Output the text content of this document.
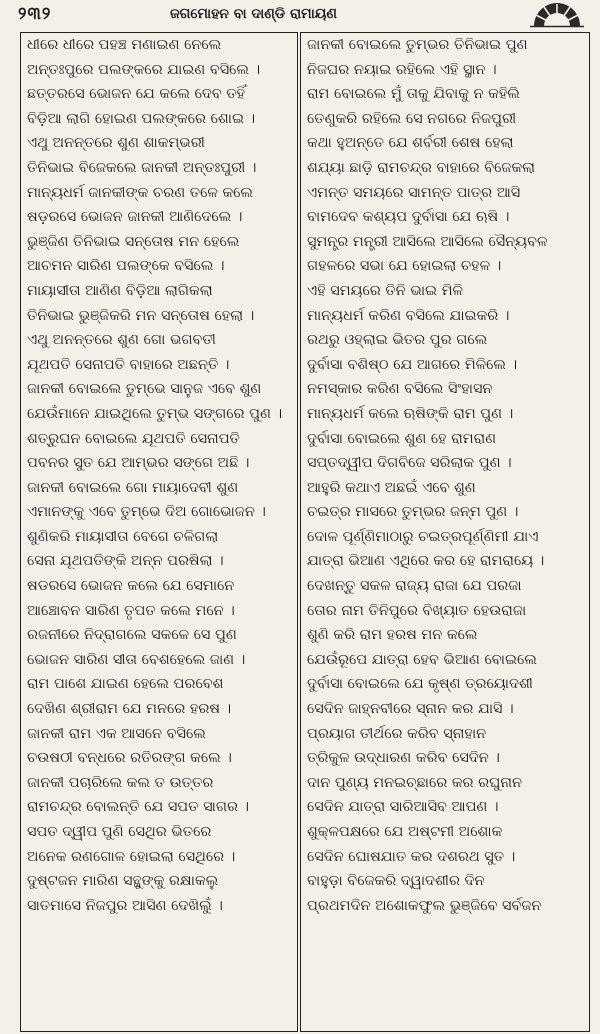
୨୩୨	ଜଗମୋହନ ବା ଦାଣ୍ଡି ରାମାୟଣ
ଧୀରେ ଧୀରେ ପହଞ୍ଚ ମଣାଇଣ ନେଲେ
ଅନ୍ତଃପୁରେ ପଲଙ୍କରେ ଯାଇଣ ବସିଲେ ।
ଛତ୍ତରସେ ଭୋଜନ ଯେ କଲେ ଦେବ ତହିଁ
ବିଡ଼ିଆ ଲାଗି ହୋଇଣ ପଲଙ୍କରେ ଶୋଇ ।
ଏଥୁ ଅନନ୍ତରେ ଶୁଣ ଶାକମ୍ଭରୀ
ତିନିଭାଇ ବିଜେକଲେ ଜାନକୀ ଅନ୍ତଃପୁରୀ ।
ମାନ୍ୟଧର୍ମ ଜାନକୀଙ୍କ ଚରଣ ତଳେ କଲେ
ଷଡ଼ରସେ ଭୋଜନ ଜାନକୀ ଆଣିଦେଲେ ।
ଭୁଞ୍ଜିଣ ତିନିଭାଇ ସନ୍ତୋଷ ମନ ହେଲେ
ଆଚମନ ସାରିଣ ପଲଙ୍କେ ବସିଲେ ।
ମାୟାସୀତା ଆଣିଣ ବିଡ଼ିଆ ଲାଗିକଲା
ତିନିଭାଇ ଭୁଞ୍ଜିକରି ମନ ସନ୍ତୋଷ ହେଲା ।
ଏଥୁ ଅନନ୍ତରେ ଶୁଣ ଗୋ ଭଗବତୀ
ଯୂଥପତି ସେନାପତି ବାହାରେ ଅଛନ୍ତି ।
ଜାନକୀ ବୋଇଲେ ତୁମ୍ଭେ ସାନୁଜ ଏବେ ଶୁଣ
ଯେଉଁମାନେ ଯାଇଥିଲେ ତୁମ୍ଭ ସଙ୍ଗରେ ପୁଣ ।
ଶତ୍ରୁଘନ ବୋଇଲେ ଯୂଥପତି ସେନାପତି
ପବନର ସୁତ ଯେ ଆମ୍ଭର ସଙ୍ଗେ ଅଛି ।
ଜାନକୀ ବୋଇଲେ ଗୋ ମାୟାଦେବୀ ଶୁଣ
ଏମାନଙ୍କୁ ଏବେ ତୁମ୍ଭେ ଦିଅ ଗୋଭୋଜନ ।
ଶୁଣିକରି ମାୟାସୀତା ବେଗେ ଚଳିଗଲା
ସେନା ଯୂଥପତିଙ୍କି ଅନ୍ନ ପରଷିଲା ।
ଷଡରସେ ଭୋଜନ କଲେ ଯେ ସେମାନେ
ଆଞ୍ଚୋବନ ସାରିଣ ତୃପତ କଲେ ମନେ ।
ରଜନୀରେ ନିଦ୍ରାଗଲେ ସକଳେ ସେ ପୁଣ
ଭୋଜନ ସାରିଣ ସୀତା ବେଶହେଲେ ଜାଣ ।
ରାମ ପାଶେ ଯାଇଣ ହେଲେ ପରବେଶ
ଦେଖିଣ ଶ୍ରୀରାମ ଯେ ମନରେ ହରଷ ।
ଜାନକୀ ରାମ ଏକ ଆସନେ ବସିଲେ
ଚଉଷଠୀ ବନ୍ଧରେ ରତିରଙ୍ଗ କଲେ ।
ଜାନକୀ ପଚାରିଲେ କଲ ତ ଉତ୍ତର
ରାମଚନ୍ଦ୍ର ବୋଲନ୍ତି ଯେ ସପତ ସାଗର ।
ସପତ ଦ୍ୱୀପ ପୁଣି ସେଥିର ଭିତରେ
ଅନେକ ରଣଗୋଳ ହୋଇଲା ସେଥିରେ ।
ଦୁଷ୍ଟଜନ ମାରିଣ ସନ୍ଥୁଙ୍କୁ ରକ୍ଷାକଲୁ
ସାତମାସେ ନିଜପୁର ଆସିଣ ଦେଖିଲୁଁ ।
ଜାନକୀ ବୋଇଲେ ତୁମ୍ଭର ତିନିଭାଇ ପୁଣ
ନିଜଘର ନୟାଇ ରହିଲେ ଏହି ସ୍ଥାନ ।
ରାମ ବୋଇଲେ ମୁଁ ତାକୁ ଯିବାକୁ ନ କହିଲି
ତେଣୁକରି ରହିଲେ ସେ ନଗରେ ନିଜପୁରୀ
କଥା ହୁଅନ୍ତେ ଯେ ଶର୍ବରୀ ଶେଷ ହେଲା
ଶଯ୍ୟା ଛାଡ଼ି ରାମଚନ୍ଦ୍ର ବାହାରେ ବିଜେକଲା
ଏମନ୍ତ ସମୟରେ ସାମନ୍ତ ପାତ୍ର ଆସି
ବାମଦେବ କଶ୍ୟପ ଦୁର୍ବାସା ଯେ ଋଷି ।
ସୁମନ୍ତ୍ର ମନ୍ତ୍ରୀ ଆସିଲେ ଆସିଲେ ସୈନ୍ୟବଳ
ଗହଳରେ ସଭା ଯେ ହୋଇଲା ଚହଳ ।
ଏହି ସମୟରେ ତିନି ଭାଇ ମିଳି
ମାନ୍ୟଧର୍ମ କରିଣ ବସିଲେ ଯାଇକରି ।
ରଥରୁ ଓହ୍ଲାଇ ଭିତର ପୁର ଗଲେ
ଦୁର୍ବାସା ବଶିଷ୍ଠ ଯେ ଆଗରେ ମିଳିଲେ ।
ନମସ୍କାର କରିଣ ବସିଲେ ସିଂହାସନ
ମାନ୍ୟଧର୍ମ କଲେ ଋଷିଙ୍କି ରାମ ପୁଣ ।
ଦୁର୍ବାସା ବୋଇଲେ ଶୁଣ ହେ ରାମରାଣ
ସପ୍ତଦ୍ୱୀପ ଦିଗବିଜେ ସରିଲାକ ପୁଣ ।
ଆହୁରି କଥାଏ ଅଛଇଁ ଏବେ ଶୁଣ
ଚଇତ୍ର ମାସରେ ତୁମ୍ଭର ଜନ୍ମ ପୁଣ ।
ଦୋଳ ପୂର୍ଣ୍ଣିମାଠାରୁ ଚଇତ୍ରପୂର୍ଣ୍ଣିମୀ ଯାଏ
ଯାତ୍ରା ଭିଆଣ ଏଥିରେ କର ହେ ରାମରାୟେ ।
ଦେଖନ୍ତୁ ସକଳ ରାଜ୍ୟ ରାଜା ଯେ ପରଜା
ତୋର ନାମ ତିନିପୁରେ ବିଖ୍ୟାତ ହେଉରାଜା
ଶୁଣି କରି ରାମ ହରଷ ମନ କଲେ
ଯେଉଁରୂପେ ଯାତ୍ରା ହେବ ଭିଆଣ ବୋଇଲେ
ଦୁର୍ବାସା ବୋଇଲେ ଯେ କୃଷ୍ଣ ତ୍ରୟୋଦଶୀ
ସେଦିନ ଜାହ୍ନବୀରେ ସ୍ନାନ କର ଯାସି ।
ପ୍ରୟାଗ ତୀର୍ଥରେ କରିବ ସ୍ନାହାନ
ତ୍ରିକୁଳ ଉଦ୍ଧାରଣ କରିବ ସେଦିନ ।
ଦାନ ପୁଣ୍ୟ ମନଇଚ୍ଛାରେ କର ରଘୁନାନ
ସେଦିନ ଯାତ୍ରା ସାରିଆସିବ ଆପଣ ।
ଶୁକ୍ଳପକ୍ଷରେ ଯେ ଅଷ୍ଟମୀ ଅଶୋକ
ସେଦିନ ଘୋଷଯାତ କର ଦଶରଥ ସୁତ ।
ବାହୁଡ଼ା ବିଜେକରି ଦ୍ୱାଦଶୀର ଦିନ
ପ୍ରଥମଦିନ ଅଶୋକଫୁଲ ଭୁଞ୍ଜିବେ ସର୍ବଜନ
